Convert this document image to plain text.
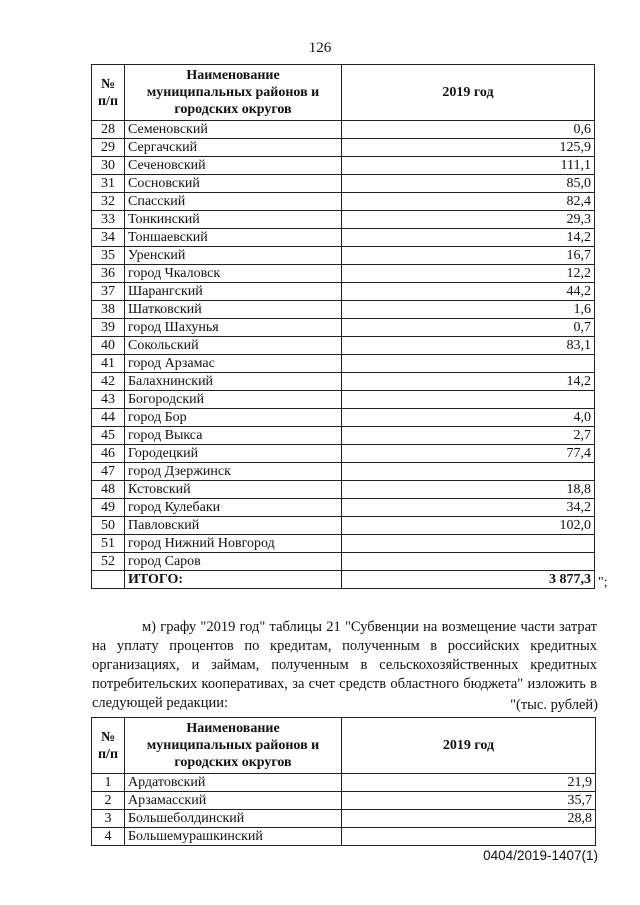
126
№ п/п	Наименование муниципальных районов и городских округов	2019 год
28	Семеновский	0,6
29	Сергачский	125,9
30	Сеченовский	111,1
31	Сосновский	85,0
32	Спасский	82,4
33	Тонкинский	29,3
34	Тоншаевский	14,2
35	Уренский	16,7
36	город Чкаловск	12,2
37	Шарангский	44,2
38	Шатковский	1,6
39	город Шахунья	0,7
40	Сокольский	83,1
41	город Арзамас	
42	Балахнинский	14,2
43	Богородский	
44	город Бор	4,0
45	город Выкса	2,7
46	Городецкий	77,4
47	город Дзержинск	
48	Кстовский	18,8
49	город Кулебаки	34,2
50	Павловский	102,0
51	город Нижний Новгород	
52	город Саров	
	ИТОГО:	3 877,3 ";
м) графу "2019 год" таблицы 21 "Субвенции на возмещение части затрат на уплату процентов по кредитам, полученным в российских кредитных организациях, и займам, полученным в сельскохозяйственных кредитных потребительских кооперативах, за счет средств областного бюджета" изложить в следующей редакции:	"(тыс. рублей)
№ п/п	Наименование муниципальных районов и городских округов	2019 год
1	Ардатовский	21,9
2	Арзамасский	35,7
3	Большеболдинский	28,8
4	Большемурашкинский	
0404/2019-1407(1)
